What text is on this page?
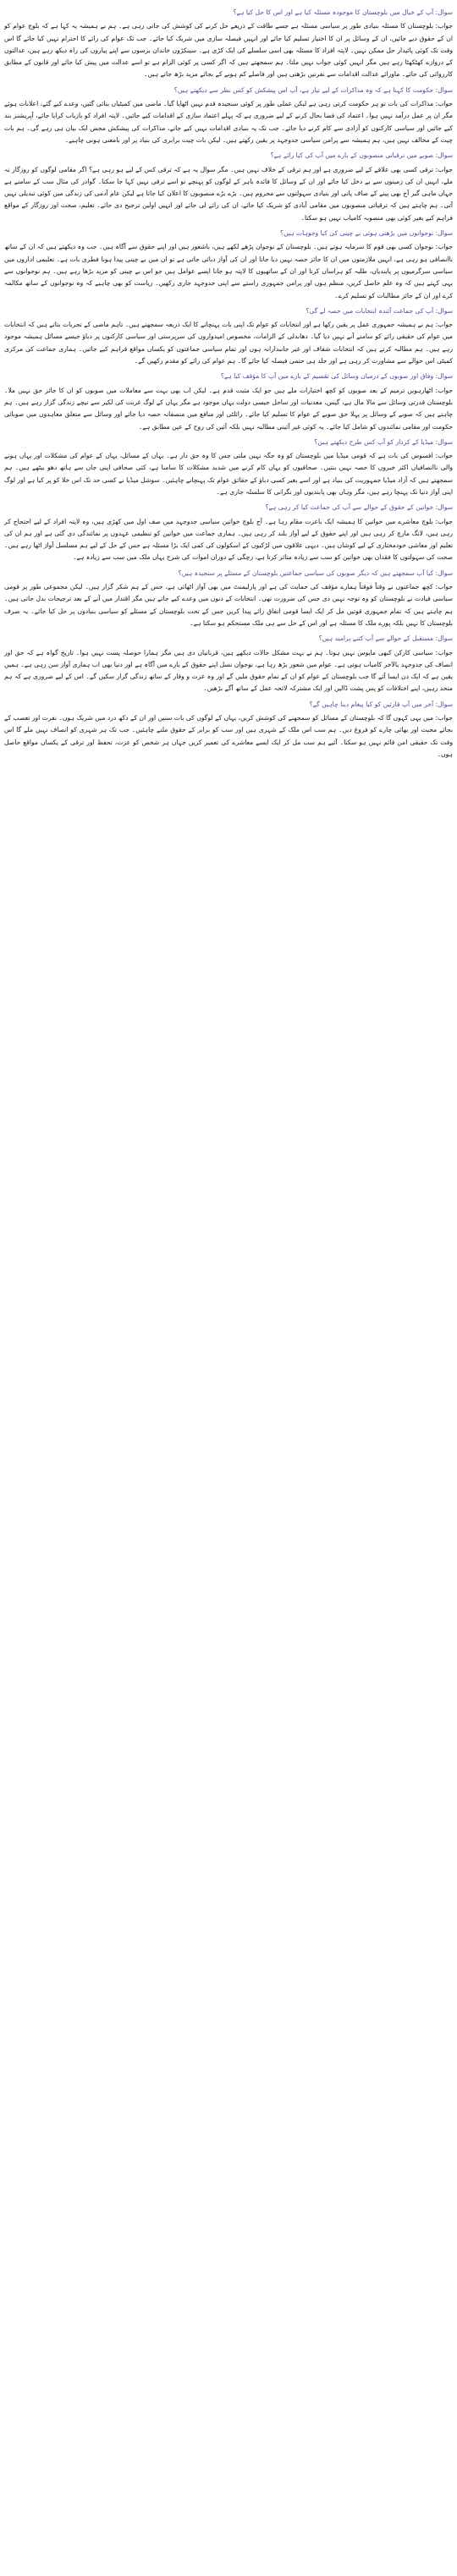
سوال: آپ کے خیال میں بلوچستان کا موجودہ مسئلہ کیا ہے اور اس کا حل کیا ہے؟

جواب: بلوچستان کا مسئلہ بنیادی طور پر سیاسی مسئلہ ہے جسے طاقت کے ذریعے حل کرنے کی کوشش کی جاتی رہی ہے۔ ہم نے ہمیشہ یہ کہا ہے کہ بلوچ عوام کو ان کے حقوق دیے جائیں، ان کے وسائل پر ان کا اختیار تسلیم کیا جائے اور انہیں فیصلہ سازی میں شریک کیا جائے۔ جب تک عوام کی رائے کا احترام نہیں کیا جائے گا اس وقت تک کوئی پائیدار حل ممکن نہیں۔ لاپتہ افراد کا مسئلہ بھی اسی سلسلے کی ایک کڑی ہے۔ سینکڑوں خاندان برسوں سے اپنے پیاروں کی راہ دیکھ رہے ہیں، عدالتوں کے دروازے کھٹکھٹا رہے ہیں مگر انہیں کوئی جواب نہیں ملتا۔ ہم سمجھتے ہیں کہ اگر کسی پر کوئی الزام ہے تو اسے عدالت میں پیش کیا جائے اور قانون کے مطابق کارروائی کی جائے۔ ماورائے عدالت اقدامات سے نفرتیں بڑھتی ہیں اور فاصلے کم ہونے کے بجائے مزید بڑھ جاتے ہیں۔

سوال: حکومت کا کہنا ہے کہ وہ مذاکرات کے لیے تیار ہے، آپ اس پیشکش کو کس نظر سے دیکھتے ہیں؟

جواب: مذاکرات کی بات تو ہر حکومت کرتی رہی ہے لیکن عملی طور پر کوئی سنجیدہ قدم نہیں اٹھایا گیا۔ ماضی میں کمیٹیاں بنائی گئیں، وعدے کیے گئے، اعلانات ہوئے مگر ان پر عمل درآمد نہیں ہوا۔ اعتماد کی فضا بحال کرنے کے لیے ضروری ہے کہ پہلے اعتماد سازی کے اقدامات کیے جائیں۔ لاپتہ افراد کو بازیاب کرایا جائے، آپریشنز بند کیے جائیں اور سیاسی کارکنوں کو آزادی سے کام کرنے دیا جائے۔ جب تک یہ بنیادی اقدامات نہیں کیے جاتے، مذاکرات کی پیشکش محض ایک بیان ہی رہے گی۔ ہم بات چیت کے مخالف نہیں ہیں، ہم ہمیشہ سے پرامن سیاسی جدوجہد پر یقین رکھتے ہیں۔ لیکن بات چیت برابری کی بنیاد پر اور بامعنی ہونی چاہیے۔

سوال: صوبے میں ترقیاتی منصوبوں کے بارے میں آپ کی کیا رائے ہے؟

جواب: ترقی کسی بھی علاقے کے لیے ضروری ہے اور ہم ترقی کے خلاف نہیں ہیں۔ مگر سوال یہ ہے کہ ترقی کس کے لیے ہو رہی ہے؟ اگر مقامی لوگوں کو روزگار نہ ملے، انہیں ان کی زمینوں سے بے دخل کیا جائے اور ان کے وسائل کا فائدہ باہر کے لوگوں کو پہنچے تو اسے ترقی نہیں کہا جا سکتا۔ گوادر کی مثال سب کے سامنے ہے جہاں ماہی گیر آج بھی پینے کے صاف پانی اور بنیادی سہولتوں سے محروم ہیں۔ بڑے بڑے منصوبوں کا اعلان کیا جاتا ہے لیکن عام آدمی کی زندگی میں کوئی تبدیلی نہیں آتی۔ ہم چاہتے ہیں کہ ترقیاتی منصوبوں میں مقامی آبادی کو شریک کیا جائے، ان کی رائے لی جائے اور انہیں اولین ترجیح دی جائے۔ تعلیم، صحت اور روزگار کے مواقع فراہم کیے بغیر کوئی بھی منصوبہ کامیاب نہیں ہو سکتا۔

سوال: نوجوانوں میں بڑھتی ہوئی بے چینی کی کیا وجوہات ہیں؟

جواب: نوجوان کسی بھی قوم کا سرمایہ ہوتے ہیں۔ بلوچستان کے نوجوان پڑھے لکھے ہیں، باشعور ہیں اور اپنے حقوق سے آگاہ ہیں۔ جب وہ دیکھتے ہیں کہ ان کے ساتھ ناانصافی ہو رہی ہے، انہیں ملازمتوں میں ان کا جائز حصہ نہیں دیا جاتا اور ان کی آواز دبائی جاتی ہے تو ان میں بے چینی پیدا ہونا فطری بات ہے۔ تعلیمی اداروں میں سیاسی سرگرمیوں پر پابندیاں، طلبہ کو ہراساں کرنا اور ان کے ساتھیوں کا لاپتہ ہو جانا ایسے عوامل ہیں جو اس بے چینی کو مزید بڑھا رہے ہیں۔ ہم نوجوانوں سے یہی کہتے ہیں کہ وہ علم حاصل کریں، منظم ہوں اور پرامن جمہوری راستے سے اپنی جدوجہد جاری رکھیں۔ ریاست کو بھی چاہیے کہ وہ نوجوانوں کے ساتھ مکالمہ کرے اور ان کے جائز مطالبات کو تسلیم کرے۔

سوال: آپ کی جماعت آئندہ انتخابات میں حصہ لے گی؟

جواب: ہم نے ہمیشہ جمہوری عمل پر یقین رکھا ہے اور انتخابات کو عوام تک اپنی بات پہنچانے کا ایک ذریعہ سمجھتے ہیں۔ تاہم ماضی کے تجربات بتاتے ہیں کہ انتخابات میں عوام کی حقیقی رائے کو سامنے آنے نہیں دیا گیا۔ دھاندلی کے الزامات، مخصوص امیدواروں کی سرپرستی اور سیاسی کارکنوں پر دباؤ جیسے مسائل ہمیشہ موجود رہے ہیں۔ ہم مطالبہ کرتے ہیں کہ انتخابات شفاف اور غیر جانبدارانہ ہوں اور تمام سیاسی جماعتوں کو یکساں مواقع فراہم کیے جائیں۔ ہماری جماعت کی مرکزی کمیٹی اس حوالے سے مشاورت کر رہی ہے اور جلد ہی حتمی فیصلہ کیا جائے گا۔ ہم عوام کی رائے کو مقدم رکھیں گے۔

سوال: وفاق اور صوبوں کے درمیان وسائل کی تقسیم کے بارے میں آپ کا مؤقف کیا ہے؟

جواب: اٹھارہویں ترمیم کے بعد صوبوں کو کچھ اختیارات ملے ہیں جو ایک مثبت قدم ہے۔ لیکن اب بھی بہت سے معاملات میں صوبوں کو ان کا جائز حق نہیں ملا۔ بلوچستان قدرتی وسائل سے مالا مال ہے، گیس، معدنیات اور ساحل جیسی دولت یہاں موجود ہے مگر یہاں کے لوگ غربت کی لکیر سے نیچے زندگی گزار رہے ہیں۔ ہم چاہتے ہیں کہ صوبے کے وسائل پر پہلا حق صوبے کے عوام کا تسلیم کیا جائے۔ رائلٹی اور منافع میں منصفانہ حصہ دیا جائے اور وسائل سے متعلق معاہدوں میں صوبائی حکومت اور مقامی نمائندوں کو شامل کیا جائے۔ یہ کوئی غیر آئینی مطالبہ نہیں بلکہ آئین کی روح کے عین مطابق ہے۔

سوال: میڈیا کے کردار کو آپ کس طرح دیکھتے ہیں؟

جواب: افسوس کی بات ہے کہ قومی میڈیا میں بلوچستان کو وہ جگہ نہیں ملتی جس کا وہ حق دار ہے۔ یہاں کے مسائل، یہاں کے عوام کی مشکلات اور یہاں ہونے والی ناانصافیاں اکثر خبروں کا حصہ نہیں بنتیں۔ صحافیوں کو یہاں کام کرنے میں شدید مشکلات کا سامنا ہے، کئی صحافی اپنی جان سے ہاتھ دھو بیٹھے ہیں۔ ہم سمجھتے ہیں کہ آزاد میڈیا جمہوریت کی بنیاد ہے اور اسے بغیر کسی دباؤ کے حقائق عوام تک پہنچانے چاہئیں۔ سوشل میڈیا نے کسی حد تک اس خلا کو پر کیا ہے اور لوگ اپنی آواز دنیا تک پہنچا رہے ہیں، مگر وہاں بھی پابندیوں اور نگرانی کا سلسلہ جاری ہے۔

سوال: خواتین کے حقوق کے حوالے سے آپ کی جماعت کیا کر رہی ہے؟

جواب: بلوچ معاشرے میں خواتین کا ہمیشہ ایک باعزت مقام رہا ہے۔ آج بلوچ خواتین سیاسی جدوجہد میں صف اول میں کھڑی ہیں، وہ لاپتہ افراد کے لیے احتجاج کر رہی ہیں، لانگ مارچ کر رہی ہیں اور اپنے حقوق کے لیے آواز بلند کر رہی ہیں۔ ہماری جماعت میں خواتین کو تنظیمی عہدوں پر نمائندگی دی گئی ہے اور ہم ان کی تعلیم اور معاشی خودمختاری کے لیے کوشاں ہیں۔ دیہی علاقوں میں لڑکیوں کے اسکولوں کی کمی ایک بڑا مسئلہ ہے جس کے حل کے لیے ہم مسلسل آواز اٹھا رہے ہیں۔ صحت کی سہولتوں کا فقدان بھی خواتین کو سب سے زیادہ متاثر کرتا ہے، زچگی کے دوران اموات کی شرح یہاں ملک میں سب سے زیادہ ہے۔

سوال: کیا آپ سمجھتے ہیں کہ دیگر صوبوں کی سیاسی جماعتیں بلوچستان کے مسئلے پر سنجیدہ ہیں؟

جواب: کچھ جماعتوں نے وقتاً فوقتاً ہمارے مؤقف کی حمایت کی ہے اور پارلیمنٹ میں بھی آواز اٹھائی ہے، جس کے ہم شکر گزار ہیں۔ لیکن مجموعی طور پر قومی سیاسی قیادت نے بلوچستان کو وہ توجہ نہیں دی جس کی ضرورت تھی۔ انتخابات کے دنوں میں وعدے کیے جاتے ہیں مگر اقتدار میں آنے کے بعد ترجیحات بدل جاتی ہیں۔ ہم چاہتے ہیں کہ تمام جمہوری قوتیں مل کر ایک ایسا قومی اتفاق رائے پیدا کریں جس کے تحت بلوچستان کے مسئلے کو سیاسی بنیادوں پر حل کیا جائے۔ یہ صرف بلوچستان کا نہیں بلکہ پورے ملک کا مسئلہ ہے اور اس کے حل سے ہی ملک مستحکم ہو سکتا ہے۔

سوال: مستقبل کے حوالے سے آپ کتنے پرامید ہیں؟

جواب: سیاسی کارکن کبھی مایوس نہیں ہوتا۔ ہم نے بہت مشکل حالات دیکھے ہیں، قربانیاں دی ہیں مگر ہمارا حوصلہ پست نہیں ہوا۔ تاریخ گواہ ہے کہ حق اور انصاف کی جدوجہد بالآخر کامیاب ہوتی ہے۔ عوام میں شعور بڑھ رہا ہے، نوجوان نسل اپنے حقوق کے بارے میں آگاہ ہے اور دنیا بھی اب ہماری آواز سن رہی ہے۔ ہمیں یقین ہے کہ ایک دن ایسا آئے گا جب بلوچستان کے عوام کو ان کے تمام حقوق ملیں گے اور وہ عزت و وقار کے ساتھ زندگی گزار سکیں گے۔ اس کے لیے ضروری ہے کہ ہم متحد رہیں، اپنے اختلافات کو پس پشت ڈالیں اور ایک مشترکہ لائحہ عمل کے ساتھ آگے بڑھیں۔

سوال: آخر میں آپ قارئین کو کیا پیغام دینا چاہیں گے؟

جواب: میں یہی کہوں گا کہ بلوچستان کے مسائل کو سمجھنے کی کوشش کریں، یہاں کے لوگوں کی بات سنیں اور ان کے دکھ درد میں شریک ہوں۔ نفرت اور تعصب کے بجائے محبت اور بھائی چارے کو فروغ دیں۔ ہم سب اس ملک کے شہری ہیں اور سب کو برابر کے حقوق ملنے چاہئیں۔ جب تک ہر شہری کو انصاف نہیں ملے گا اس وقت تک حقیقی امن قائم نہیں ہو سکتا۔ آئیے ہم سب مل کر ایک ایسے معاشرے کی تعمیر کریں جہاں ہر شخص کو عزت، تحفظ اور ترقی کے یکساں مواقع حاصل ہوں۔
